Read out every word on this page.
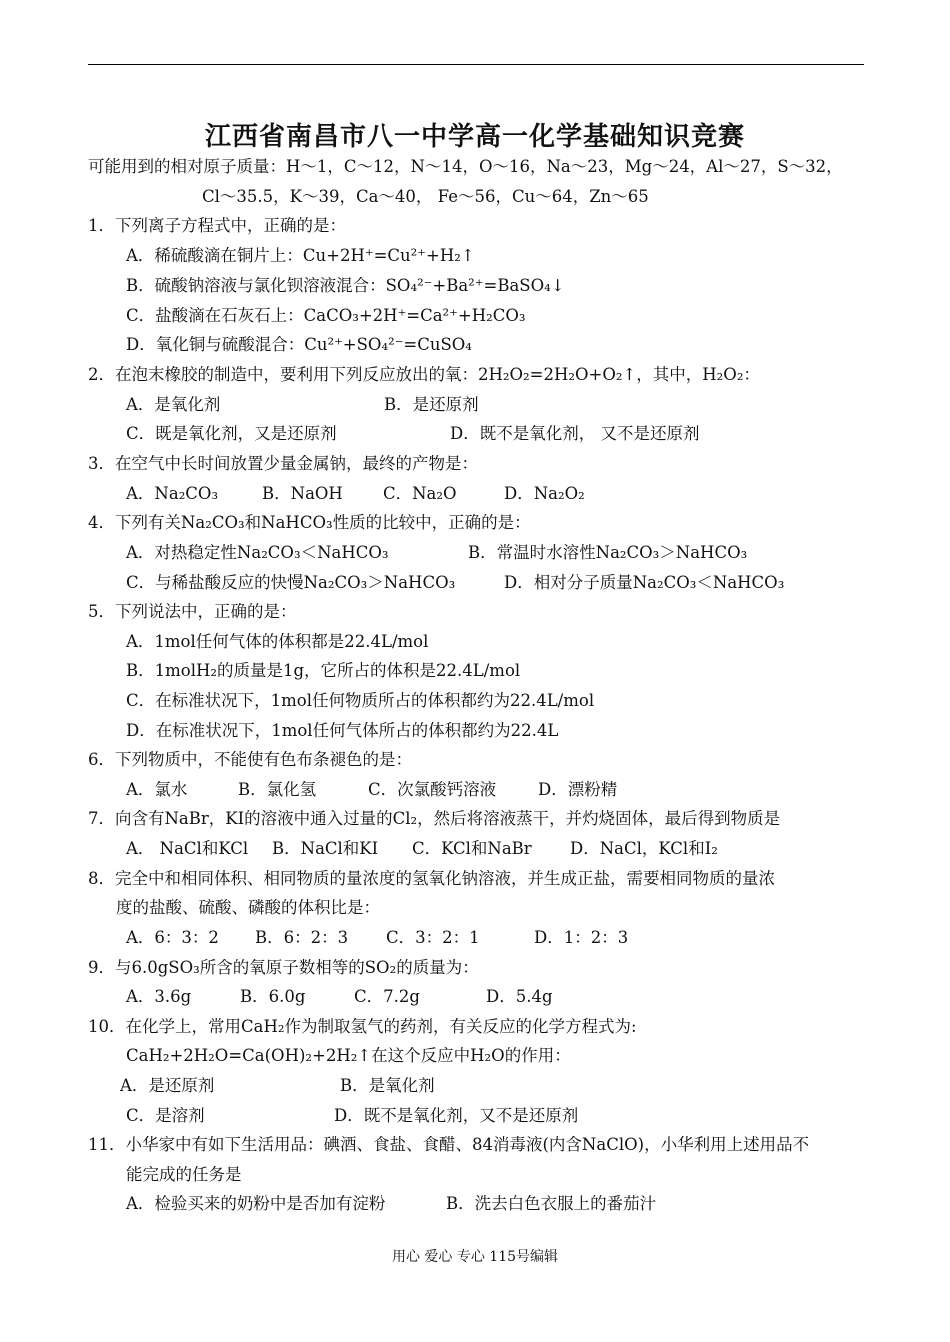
江西省南昌市八一中学高一化学基础知识竞赛
可能用到的相对原子质量：H～1，C～12，N～14，O～16，Na～23，Mg～24，Al～27，S～32，
Cl～35.5，K～39，Ca～40， Fe～56，Cu～64，Zn～65
1．下列离子方程式中，正确的是：
A．稀硫酸滴在铜片上：Cu+2H⁺=Cu²⁺+H₂↑
B．硫酸钠溶液与氯化钡溶液混合：SO₄²⁻+Ba²⁺=BaSO₄↓
C．盐酸滴在石灰石上：CaCO₃+2H⁺=Ca²⁺+H₂CO₃
D．氧化铜与硫酸混合：Cu²⁺+SO₄²⁻=CuSO₄
2．在泡末橡胶的制造中，要利用下列反应放出的氧：2H₂O₂=2H₂O+O₂↑，其中，H₂O₂：
A．是氧化剂	B．是还原剂
C．既是氧化剂，又是还原剂	D．既不是氧化剂， 又不是还原剂
3．在空气中长时间放置少量金属钠，最终的产物是：
A．Na₂CO₃	B．NaOH C．Na₂O	D．Na₂O₂
4．下列有关Na₂CO₃和NaHCO₃性质的比较中，正确的是：
A．对热稳定性Na₂CO₃＜NaHCO₃	B．常温时水溶性Na₂CO₃＞NaHCO₃
C．与稀盐酸反应的快慢Na₂CO₃＞NaHCO₃	D．相对分子质量Na₂CO₃＜NaHCO₃
5．下列说法中，正确的是：
A．1mol任何气体的体积都是22.4L/mol
B．1molH₂的质量是1g，它所占的体积是22.4L/mol
C．在标准状况下，1mol任何物质所占的体积都约为22.4L/mol
D．在标准状况下，1mol任何气体所占的体积都约为22.4L
6．下列物质中，不能使有色布条褪色的是：
A．氯水	B．氯化氢	C．次氯酸钙溶液	D．漂粉精
7．向含有NaBr，KI的溶液中通入过量的Cl₂，然后将溶液蒸干，并灼烧固体，最后得到物质是
A． NaCl和KCl B．NaCl和KI C．KCl和NaBr D．NaCl，KCl和I₂
8．完全中和相同体积、相同物质的量浓度的氢氧化钠溶液，并生成正盐，需要相同物质的量浓
度的盐酸、硫酸、磷酸的体积比是：
A．6：3：2 B．6：2：3 C．3：2：1	D．1：2：3
9．与6.0gSO₃所含的氧原子数相等的SO₂的质量为：
A．3.6g	B．6.0g	C．7.2g	D．5.4g
10．在化学上，常用CaH₂作为制取氢气的药剂，有关反应的化学方程式为:
CaH₂+2H₂O=Ca(OH)₂+2H₂↑在这个反应中H₂O的作用：
A．是还原剂	B．是氧化剂
C．是溶剂	D．既不是氧化剂，又不是还原剂
11．小华家中有如下生活用品：碘酒、食盐、食醋、84消毒液(内含NaClO)，小华利用上述用品不
能完成的任务是
A．检验买来的奶粉中是否加有淀粉	B．洗去白色衣服上的番茄汁
用心 爱心 专心 115号编辑
